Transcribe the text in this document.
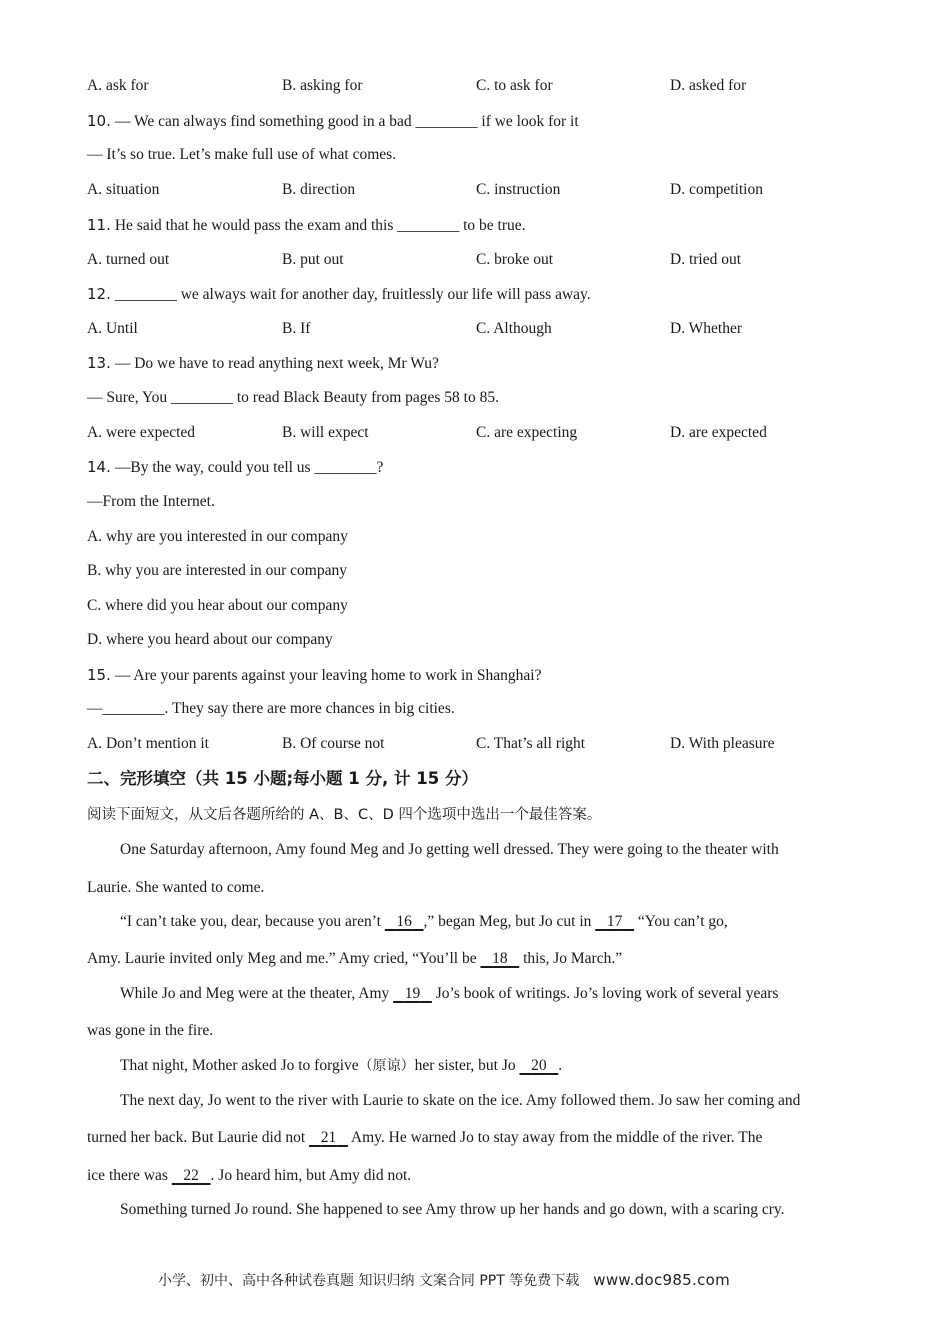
A. ask for	B. asking for	C. to ask for	D. asked for
10. — We can always find something good in a bad ________ if we look for it
— It’s so true. Let’s make full use of what comes.
A. situation	B. direction	C. instruction	D. competition
11. He said that he would pass the exam and this ________ to be true.
A. turned out	B. put out	C. broke out	D. tried out
12. ________ we always wait for another day, fruitlessly our life will pass away.
A. Until	B. If	C. Although	D. Whether
13. — Do we have to read anything next week, Mr Wu?
— Sure, You ________ to read Black Beauty from pages 58 to 85.
A. were expected	B. will expect	C. are expecting	D. are expected
14. —By the way, could you tell us ________?
—From the Internet.
A. why are you interested in our company
B. why you are interested in our company
C. where did you hear about our company
D. where you heard about our company
15. — Are your parents against your leaving home to work in Shanghai?
—________. They say there are more chances in big cities.
A. Don’t mention it	B. Of course not	C. That’s all right	D. With pleasure
二、完形填空（共 15 小题;每小题 1 分, 计 15 分）
阅读下面短文，从文后各题所给的 A、B、C、D 四个选项中选出一个最佳答案。
One Saturday afternoon, Amy found Meg and Jo getting well dressed. They were going to the theater with
Laurie. She wanted to come.
“I can’t take you, dear, because you aren’t    16 ,” began Meg, but Jo cut in    17    “You can’t go,
Amy. Laurie invited only Meg and me.” Amy cried, “You’ll be    18    this, Jo March.”
While Jo and Meg were at the theater, Amy    19    Jo’s book of writings. Jo’s loving work of several years
was gone in the fire.
That night, Mother asked Jo to forgive（原谅）her sister, but Jo    20 .
The next day, Jo went to the river with Laurie to skate on the ice. Amy followed them. Jo saw her coming and
turned her back. But Laurie did not    21    Amy. He warned Jo to stay away from the middle of the river. The
ice there was    22 . Jo heard him, but Amy did not.
Something turned Jo round. She happened to see Amy throw up her hands and go down, with a scaring cry.
小学、初中、高中各种试卷真题 知识归纳 文案合同 PPT 等免费下载 www.doc985.com
